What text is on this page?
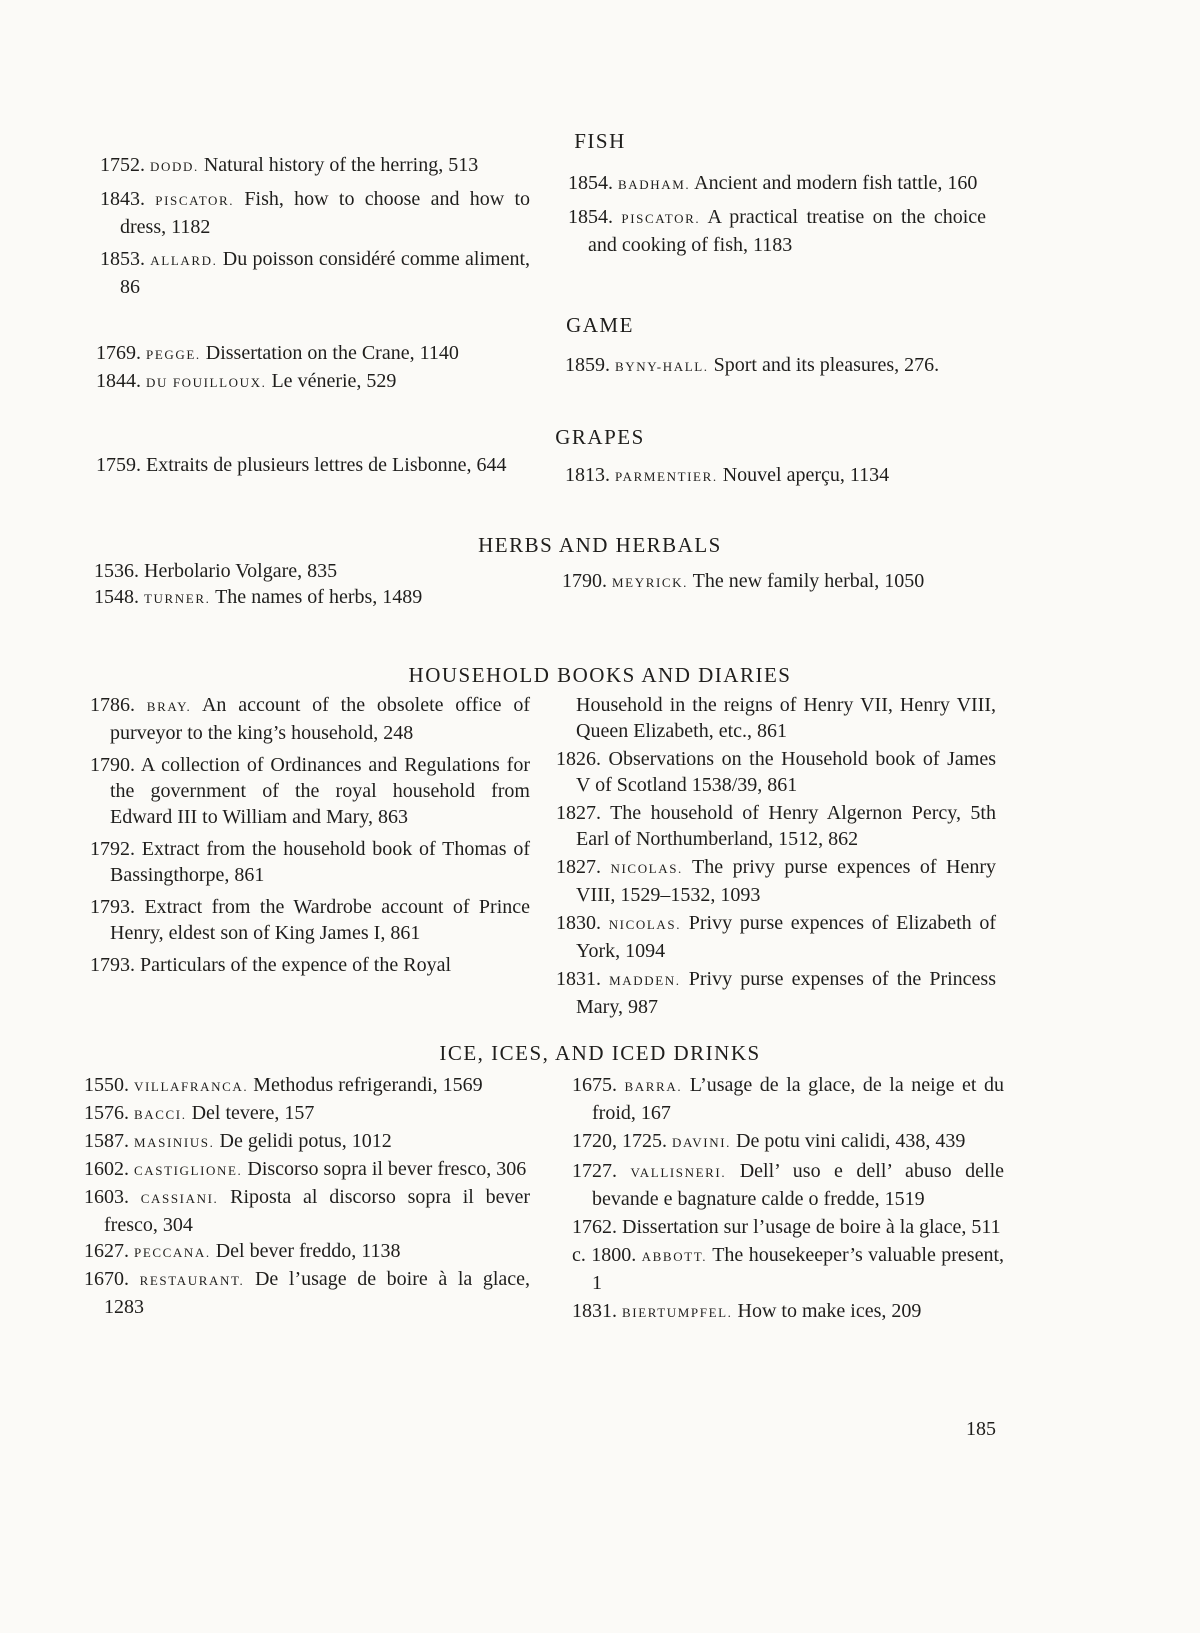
FISH
1752. DODD. Natural history of the herring, 513
1843. PISCATOR. Fish, how to choose and how to dress, 1182
1853. ALLARD. Du poisson considéré comme aliment, 86
1854. BADHAM. Ancient and modern fish tattle, 160
1854. PISCATOR. A practical treatise on the choice and cooking of fish, 1183
GAME
1769. PEGGE. Dissertation on the Crane, 1140
1844. DU FOUILLOUX. Le vénerie, 529
1859. BYNY-HALL. Sport and its pleasures, 276.
GRAPES
1759. Extraits de plusieurs lettres de Lisbonne, 644	1813. PARMENTIER. Nouvel aperçu, 1134
HERBS AND HERBALS
1536. Herbolario Volgare, 835
1548. TURNER. The names of herbs, 1489
1790. MEYRICK. The new family herbal, 1050
HOUSEHOLD BOOKS AND DIARIES
1786. BRAY. An account of the obsolete office of purveyor to the king’s household, 248
1790. A collection of Ordinances and Regulations for the government of the royal household from Edward III to William and Mary, 863
1792. Extract from the household book of Thomas of Bassingthorpe, 861
1793. Extract from the Wardrobe account of Prince Henry, eldest son of King James I, 861
1793. Particulars of the expence of the Royal
Household in the reigns of Henry VII, Henry VIII, Queen Elizabeth, etc., 861
1826. Observations on the Household book of James V of Scotland 1538/39, 861
1827. The household of Henry Algernon Percy, 5th Earl of Northumberland, 1512, 862
1827. NICOLAS. The privy purse expences of Henry VIII, 1529–1532, 1093
1830. NICOLAS. Privy purse expences of Elizabeth of York, 1094
1831. MADDEN. Privy purse expenses of the Princess Mary, 987
ICE, ICES, AND ICED DRINKS
1550. VILLAFRANCA. Methodus refrigerandi, 1569
1576. BACCI. Del tevere, 157
1587. MASINIUS. De gelidi potus, 1012
1602. CASTIGLIONE. Discorso sopra il bever fresco, 306
1603. CASSIANI. Riposta al discorso sopra il bever fresco, 304
1627. PECCANA. Del bever freddo, 1138
1670. RESTAURANT. De l’usage de boire à la glace, 1283
1675. BARRA. L’usage de la glace, de la neige et du froid, 167
1720, 1725. DAVINI. De potu vini calidi, 438, 439
1727. VALLISNERI. Dell’ uso e dell’ abuso delle bevande e bagnature calde o fredde, 1519
1762. Dissertation sur l’usage de boire à la glace, 511
c. 1800. ABBOTT. The housekeeper’s valuable present, 1
1831. BIERTUMPFEL. How to make ices, 209
185
